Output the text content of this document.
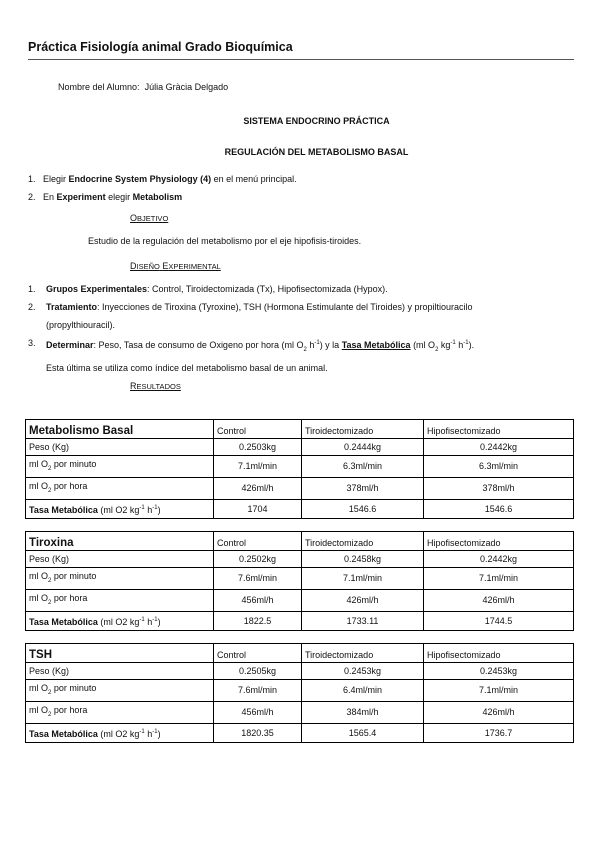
Práctica Fisiología animal Grado Bioquímica
Nombre del Alumno: Júlia Gràcia Delgado
SISTEMA ENDOCRINO PRÁCTICA
REGULACIÓN DEL METABOLISMO BASAL
1. Elegir Endocrine System Physiology (4) en el menú principal.
2. En Experiment elegir Metabolism
OBJETIVO
Estudio de la regulación del metabolismo por el eje hipofisis-tiroides.
DISEÑO EXPERIMENTAL
1.	Grupos Experimentales: Control, Tiroidectomizada (Tx), Hipofisectomizada (Hypox).
2.	Tratamiento: Inyecciones de Tiroxina (Tyroxine), TSH (Hormona Estimulante del Tiroides) y propiltiouracilo
(propylthiouracil).
3.	Determinar: Peso, Tasa de consumo de Oxigeno por hora (ml $O_2$ $h^{-1}$) y la Tasa Metabólica (ml $O_2$ $kg^{-1}$ $h^{-1}$).
Esta última se utiliza como índice del metabolismo basal de un animal.
RESULTADOS
Metabolismo Basal	Control	Tiroidectomizado	Hipofisectomizado
Peso (Kg)	0.2503kg	0.2444kg	0.2442kg
ml $O_2$ por minuto	7.1ml/min	6.3ml/min	6.3ml/min
ml $O_2$ por hora	426ml/h	378ml/h	378ml/h
Tasa Metabólica (ml O2 $kg^{-1}$ $h^{-1}$)	1704	1546.6	1546.6
Tiroxina	Control	Tiroidectomizado	Hipofisectomizado
Peso (Kg)	0.2502kg	0.2458kg	0.2442kg
ml $O_2$ por minuto	7.6ml/min	7.1ml/min	7.1ml/min
ml $O_2$ por hora	456ml/h	426ml/h	426ml/h
Tasa Metabólica (ml O2 $kg^{-1}$ $h^{-1}$)	1822.5	1733.11	1744.5
TSH	Control	Tiroidectomizado	Hipofisectomizado
Peso (Kg)	0.2505kg	0.2453kg	0.2453kg
ml $O_2$ por minuto	7.6ml/min	6.4ml/min	7.1ml/min
ml $O_2$ por hora	456ml/h	384ml/h	426ml/h
Tasa Metabólica (ml O2 $kg^{-1}$ $h^{-1}$)	1820.35	1565.4	1736.7
